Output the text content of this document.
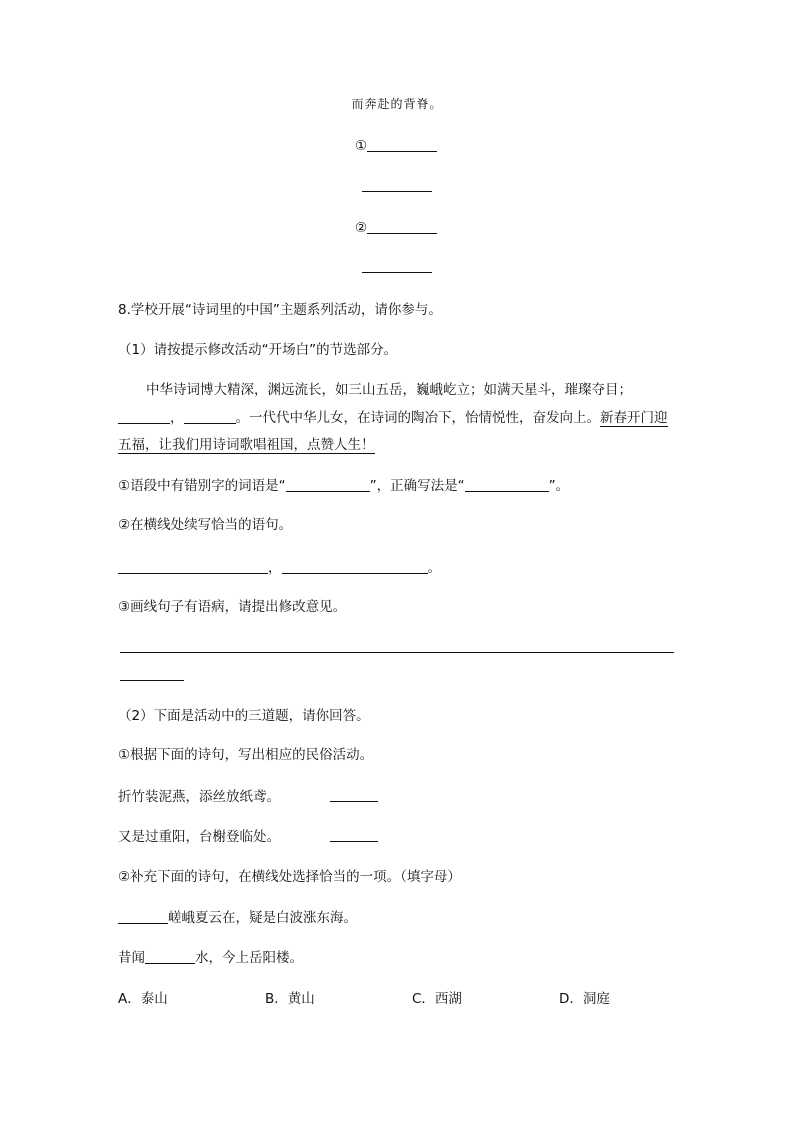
而奔赴的背脊。
①
②
8.学校开展“诗词里的中国”主题系列活动，请你参与。
（1）请按提示修改活动“开场白”的节选部分。
中华诗词博大精深，渊远流长，如三山五岳，巍峨屹立；如满天星斗，璀璨夺目；
，	。一代代中华儿女，在诗词的陶冶下，怡情悦性，奋发向上。新春开门迎
五福，让我们用诗词歌唱祖国，点赞人生！
①语段中有错别字的词语是“	”，正确写法是“	”。
②在横线处续写恰当的语句。
，	。
③画线句子有语病，请提出修改意见。
（2）下面是活动中的三道题，请你回答。
①根据下面的诗句，写出相应的民俗活动。
折竹装泥燕，添丝放纸鸢。
又是过重阳，台榭登临处。
②补充下面的诗句，在横线处选择恰当的一项。（填字母）
嵯峨夏云在，疑是白波涨东海。
昔闻	水，今上岳阳楼。
A．泰山	B．黄山	C．西湖	D．洞庭
